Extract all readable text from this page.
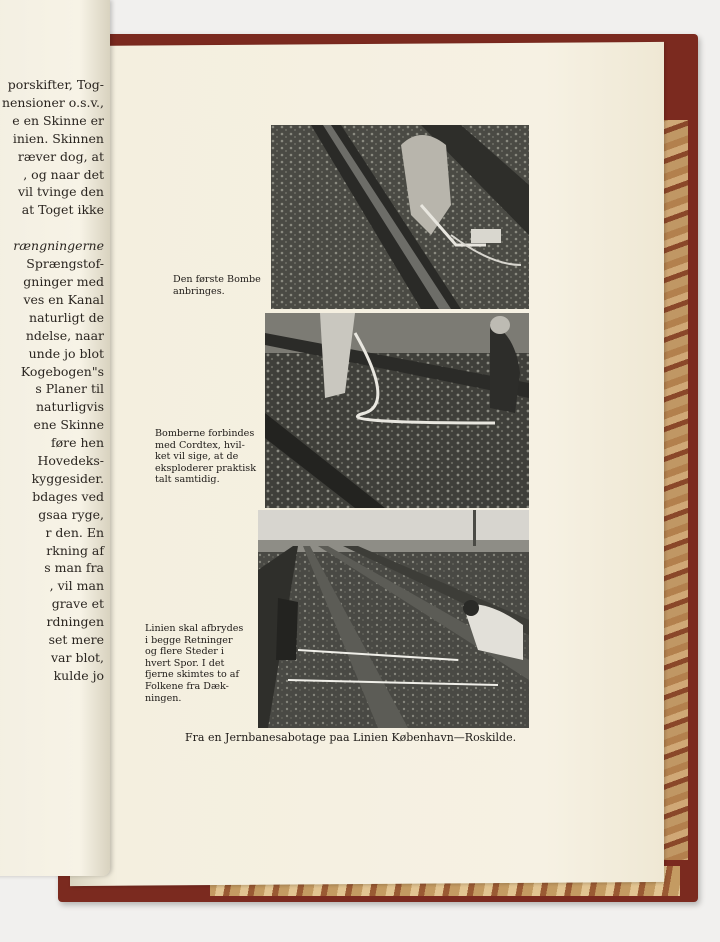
porskifter, Tog-
nensioner o.s.v.,
e en Skinne er
inien. Skinnen
ræver dog, at
, og naar det
vil tvinge den
at Toget ikke

rængningerne
Sprængstof-
gninger med
ves en Kanal
naturligt de
ndelse, naar
unde jo blot
Kogebogen"s
s Planer til
naturligvis
ene Skinne
føre hen
Hovedeks-
kyggesider.
bdages ved
gsaa ryge,
r den. En
rkning af
s man fra
, vil man
grave et
rdningen
set mere
var blot,
kulde jo
Den første Bombe
anbringes.
Bomberne forbindes
med Cordtex, hvil-
ket vil sige, at de
eksploderer praktisk
talt samtidig.
Linien skal afbrydes
i begge Retninger
og flere Steder i
hvert Spor. I det
fjerne skimtes to af
Folkene fra Dæk-
ningen.
Fra en Jernbanesabotage paa Linien København—Roskilde.
